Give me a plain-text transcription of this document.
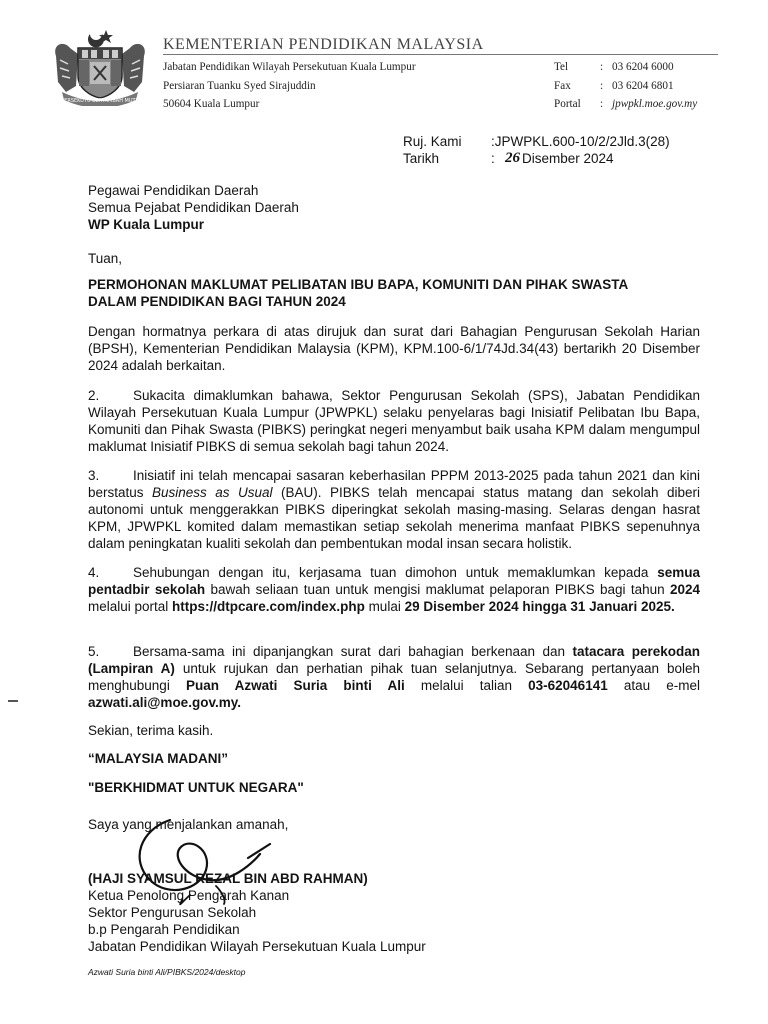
BERSEKUTU BERTAMBAH MUTU
KEMENTERIAN PENDIDIKAN MALAYSIA
Jabatan Pendidikan Wilayah Persekutuan Kuala Lumpur
Persiaran Tuanku Syed Sirajuddin
50604 Kuala Lumpur
Tel	: 03 6204 6000
Fax	: 03 6204 6801
Portal	: jpwpkl.moe.gov.my
Ruj. Kami	:JPWPKL.600-10/2/2Jld.3(28)
Tarikh	: 26 Disember 2024
Pegawai Pendidikan Daerah
Semua Pejabat Pendidikan Daerah
WP Kuala Lumpur
Tuan,
PERMOHONAN MAKLUMAT PELIBATAN IBU BAPA, KOMUNITI DAN PIHAK SWASTA
DALAM PENDIDIKAN BAGI TAHUN 2024
Dengan hormatnya perkara di atas dirujuk dan surat dari Bahagian Pengurusan Sekolah Harian (BPSH), Kementerian Pendidikan Malaysia (KPM), KPM.100-6/1/74Jd.34(43) bertarikh 20 Disember 2024 adalah berkaitan.
2. Sukacita dimaklumkan bahawa, Sektor Pengurusan Sekolah (SPS), Jabatan Pendidikan Wilayah Persekutuan Kuala Lumpur (JPWPKL) selaku penyelaras bagi Inisiatif Pelibatan Ibu Bapa, Komuniti dan Pihak Swasta (PIBKS) peringkat negeri menyambut baik usaha KPM dalam mengumpul maklumat Inisiatif PIBKS di semua sekolah bagi tahun 2024.
3. Inisiatif ini telah mencapai sasaran keberhasilan PPPM 2013-2025 pada tahun 2021 dan kini berstatus Business as Usual (BAU). PIBKS telah mencapai status matang dan sekolah diberi autonomi untuk menggerakkan PIBKS diperingkat sekolah masing-masing. Selaras dengan hasrat KPM, JPWPKL komited dalam memastikan setiap sekolah menerima manfaat PIBKS sepenuhnya dalam peningkatan kualiti sekolah dan pembentukan modal insan secara holistik.
4. Sehubungan dengan itu, kerjasama tuan dimohon untuk memaklumkan kepada semua pentadbir sekolah bawah seliaan tuan untuk mengisi maklumat pelaporan PIBKS bagi tahun 2024 melalui portal https://dtpcare.com/index.php mulai 29 Disember 2024 hingga 31 Januari 2025.
5. Bersama-sama ini dipanjangkan surat dari bahagian berkenaan dan tatacara perekodan (Lampiran A) untuk rujukan dan perhatian pihak tuan selanjutnya. Sebarang pertanyaan boleh menghubungi Puan Azwati Suria binti Ali melalui talian 03-62046141 atau e-mel azwati.ali@moe.gov.my.
Sekian, terima kasih.
“MALAYSIA MADANI”
"BERKHIDMAT UNTUK NEGARA"
Saya yang menjalankan amanah,
(HAJI SYAMSUL REZAL BIN ABD RAHMAN)
Ketua Penolong Pengarah Kanan
Sektor Pengurusan Sekolah
b.p Pengarah Pendidikan
Jabatan Pendidikan Wilayah Persekutuan Kuala Lumpur
Azwati Suria binti Ali/PIBKS/2024/desktop
